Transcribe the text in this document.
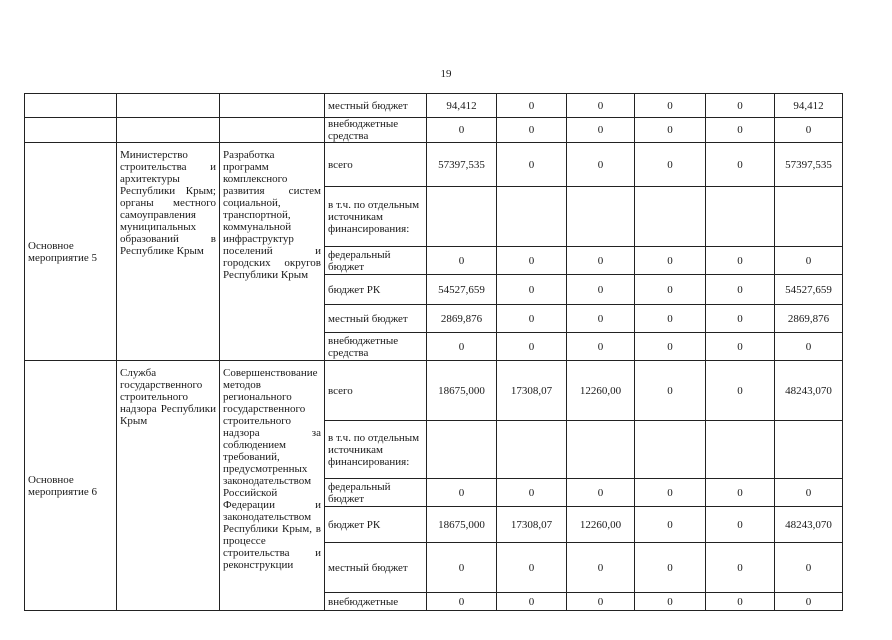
19
			местный бюджет	94,412	0	0	0	0	94,412
			внебюджетные средства	0	0	0	0	0	0
Основное мероприятие 5	Министерство строительства и архитектуры Республики Крым; органы местного самоуправления муниципальных образований в Республике Крым	Разработка программ комплексного развития систем социальной, транспортной, коммунальной инфраструктур поселений и городских округов Республики Крым	всего	57397,535	0	0	0	0	57397,535
			в т.ч. по отдельным источникам финансирования:						
			федеральный бюджет	0	0	0	0	0	0
			бюджет РК	54527,659	0	0	0	0	54527,659
			местный бюджет	2869,876	0	0	0	0	2869,876
			внебюджетные средства	0	0	0	0	0	0
Основное мероприятие 6	Служба государственного строительного надзора Республики Крым	Совершенствование методов регионального государственного строительного надзора за соблюдением требований, предусмотренных законодательством Российской Федерации и законодательством Республики Крым, в процессе строительства и реконструкции	всего	18675,000	17308,07	12260,00	0	0	48243,070
			в т.ч. по отдельным источникам финансирования:						
			федеральный бюджет	0	0	0	0	0	0
			бюджет РК	18675,000	17308,07	12260,00	0	0	48243,070
			местный бюджет	0	0	0	0	0	0
			внебюджетные	0	0	0	0	0	0
